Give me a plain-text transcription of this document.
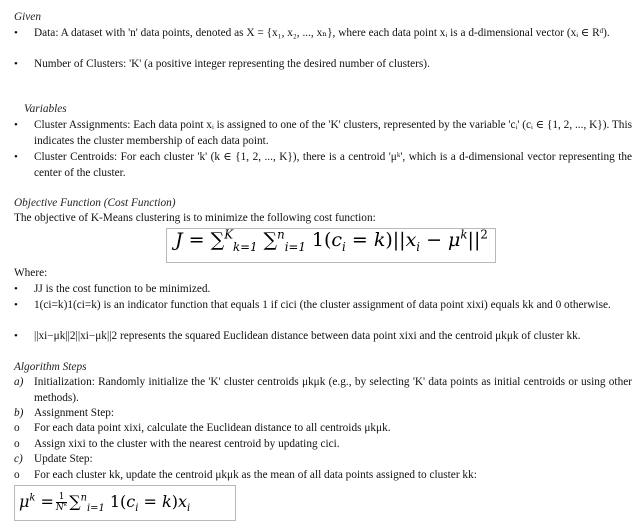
Given
• Data: A dataset with 'n' data points, denoted as X = {x₁, x₂, ..., xₙ}, where each data point xᵢ is a d-dimensional vector (xᵢ ∈ Rᵈ).
• Number of Clusters: 'K' (a positive integer representing the desired number of clusters).
Variables
• Cluster Assignments: Each data point xᵢ is assigned to one of the 'K' clusters, represented by the variable 'cᵢ' (cᵢ ∈ {1, 2, ..., K}). This indicates the cluster membership of each data point.
• Cluster Centroids: For each cluster 'k' (k ∈ {1, 2, ..., K}), there is a centroid 'μᵏ', which is a d-dimensional vector representing the center of the cluster.
Objective Function (Cost Function)
The objective of K-Means clustering is to minimize the following cost function:
J = ∑$^K_{k=1}$ ∑$^n_{i=1}$ $1(c_i = k)||x_i - \mu^k||^2$
Where:
• JJ is the cost function to be minimized.
• 1(ci=k)1(ci=k) is an indicator function that equals 1 if cici (the cluster assignment of data point xixi) equals kk and 0 otherwise.
• ||xi−μk||2||xi−μk||2 represents the squared Euclidean distance between data point xixi and the centroid μkμk of cluster kk.
Algorithm Steps
a) Initialization: Randomly initialize the 'K' cluster centroids μkμk (e.g., by selecting 'K' data points as initial centroids or using other methods).
b) Assignment Step:
o For each data point xixi, calculate the Euclidean distance to all centroids μkμk.
o Assign xixi to the cluster with the nearest centroid by updating cici.
c) Update Step:
o For each cluster kk, update the centroid μkμk as the mean of all data points assigned to cluster kk:
$\mu^k = \frac{1}{N^k} \sum^n_{i=1}$ $1(c_i = k)x_i$
